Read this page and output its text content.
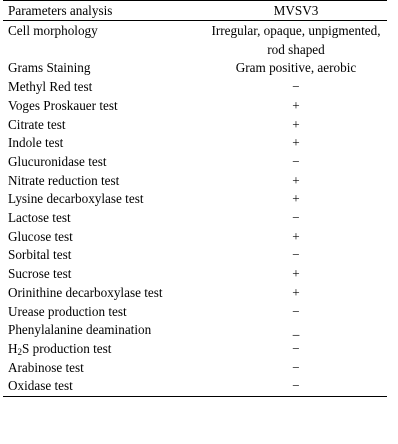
Parameters analysis	MVSV3
Cell morphology	Irregular, opaque, unpigmented, rod shaped
Grams Staining	Gram positive, aerobic
Methyl Red test	−
Voges Proskauer test	+
Citrate test	+
Indole test	+
Glucuronidase test	−
Nitrate reduction test	+
Lysine decarboxylase test	+
Lactose test	−
Glucose test	+
Sorbital test	−
Sucrose test	+
Orinithine decarboxylase test	+
Urease production test	−
Phenylalanine deamination	_
$H_2S$ production test	−
Arabinose test	−
Oxidase test	−
